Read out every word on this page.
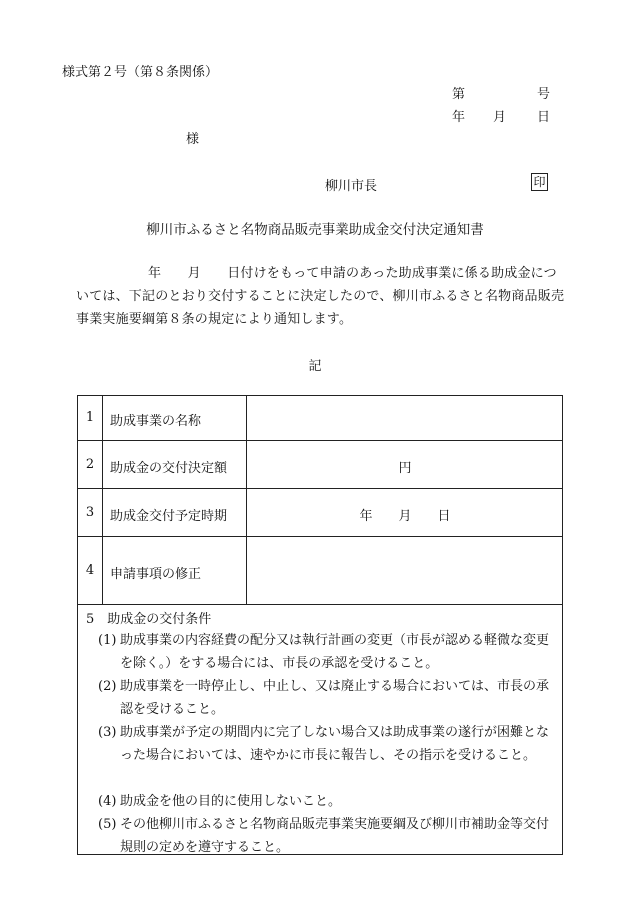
様式第２号（第８条関係）
第	号
年 月 日
様
柳川市長	印
柳川市ふるさと名物商品販売事業助成金交付決定通知書
年　　月　　日付けをもって申請のあった助成事業に係る助成金については、下記のとおり交付することに決定したので、柳川市ふるさと名物商品販売事業実施要綱第８条の規定により通知します。
記
1	助成事業の名称
2	助成金の交付決定額	円
3	助成金交付予定時期	年　　月　　日
4	申請事項の修正
5　助成金の交付条件
(1) 助成事業の内容経費の配分又は執行計画の変更（市長が認める軽微な変更を除く。）をする場合には、市長の承認を受けること。
(2) 助成事業を一時停止し、中止し、又は廃止する場合においては、市長の承認を受けること。
(3) 助成事業が予定の期間内に完了しない場合又は助成事業の遂行が困難となった場合においては、速やかに市長に報告し、その指示を受けること。
(4) 助成金を他の目的に使用しないこと。
(5) その他柳川市ふるさと名物商品販売事業実施要綱及び柳川市補助金等交付規則の定めを遵守すること。
